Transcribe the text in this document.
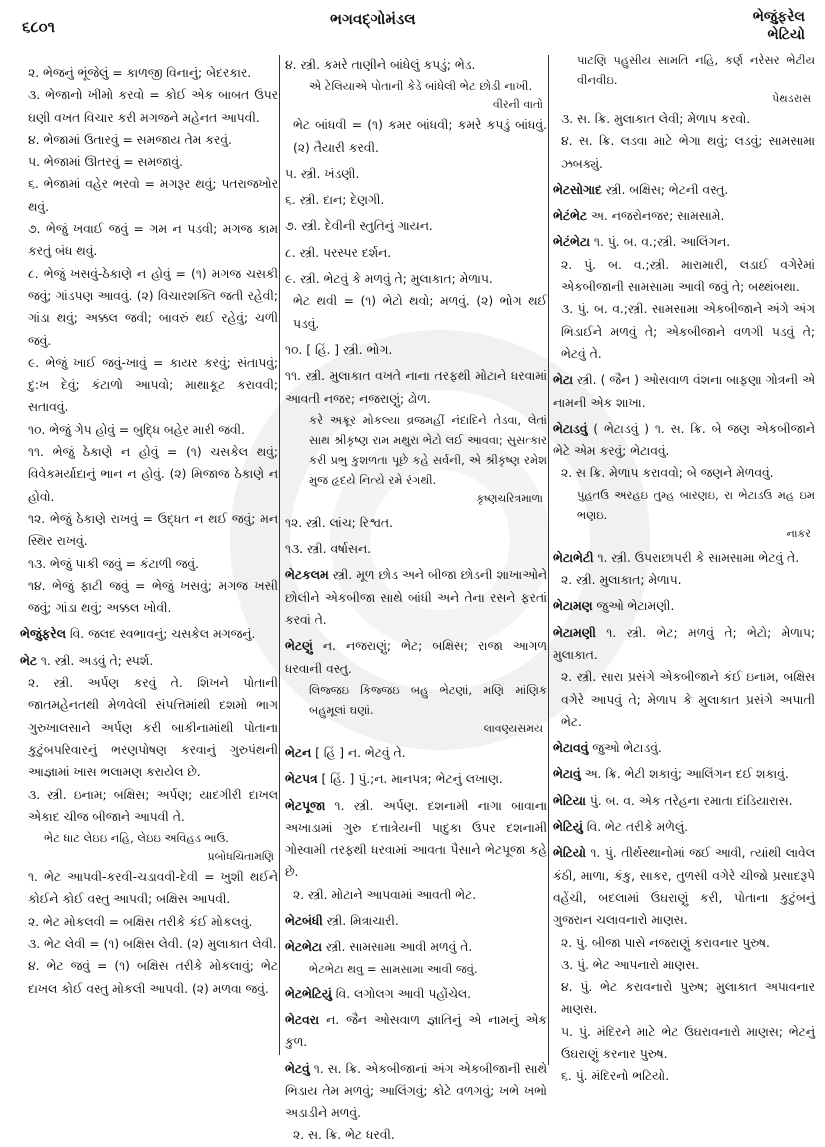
૬૮૦૧	ભગવદ્ગોમંડલ	ભેજુંફરેલ
ભેટિયો
૨. ભેજનું ભૂંજેલું = કાળજી વિનાનું; બેદરકાર.
૩. ભેજાનો ખીમો કરવો = કોઈ એક બાબત ઉપર ઘણી વખત વિચાર કરી મગજને મહેનત આપવી.
૪. ભેજામાં ઉતારવું = સમજાય તેમ કરવું.
૫. ભેજામાં ઊતરવું = સમજાવું.
૬. ભેજામાં વહેર ભરવો = મગરૂર થવું; પતરાજખોર થવું.
૭. ભેજું ખવાઈ જવું = ગમ ન પડવી; મગજ કામ કરતું બંધ થવું.
૮. ભેજું ખસવું-ઠેકાણે ન હોવું = (૧) મગજ ચસકી જવું; ગાંડપણ આવવું. (૨) વિચારશક્તિ જતી રહેવી; ગાંડા થવું; અક્કલ જવી; બાવરું થઈ રહેવું; ચળી જવું.
૯. ભેજું ખાઈ જવું-ખાવું = કાયર કરવું; સંતાપવું; દુ:ખ દેવું; કંટાળો આપવો; માથાકૂટ કરાવવી; સતાવવું.
૧૦. ભેજું ગેપ હોવું = બુદ્ધિ બહેર મારી જવી.
૧૧. ભેજું ઠેકાણે ન હોવું = (૧) ચસકેલ થવું; વિવેકમર્યાદાનું ભાન ન હોવું. (૨) મિજાજ ઠેકાણે ન હોવો.
૧૨. ભેજું ઠેકાણે રાખવું = ઉદ્ધત ન થઈ જવું; મન સ્થિર રાખવું.
૧૩. ભેજું પાકી જવું = કંટાળી જવું.
૧૪. ભેજું ફાટી જવું = ભેજું ખસવું; મગજ ખસી જવું; ગાંડા થવું; અક્કલ ખોવી.
ભેજુંફરેલ વિ. જલદ સ્વભાવનું; ચસકેલ મગજનું.
ભેટ ૧. સ્ત્રી. અડવું તે; સ્પર્શ.
૨. સ્ત્રી. અર્પણ કરવું તે. શિખને પોતાની જાતમહેનતથી મેળવેલી સંપત્તિમાંથી દશમો ભાગ ગુરુખાલસાને અર્પણ કરી બાકીનામાંથી પોતાના કુટુંબપરિવારનું ભરણપોષણ કરવાનું ગુરુપંથની આજ્ઞામાં ખાસ ભલામણ કરાયેલ છે.
૩. સ્ત્રી. ઇનામ; બક્ષિસ; અર્પણ; યાદગીરી દાખલ એકાદ ચીજ બીજાને આપવી તે.
ભેટ ધાટ લેઇઇ નહિ, લેઇઇ અવિહડ ભાઉ.
પ્રબોધચિંતામણિ
૧. ભેટ આપવી-કરવી-ચડાવવી-દેવી = ખુશી થઈને કોઈને કોઈ વસ્તુ આપવી; બક્ષિસ આપવી.
૨. ભેટ મોકલવી = બક્ષિસ તરીકે કંઈ મોકલવું.
૩. ભેટ લેવી = (૧) બક્ષિસ લેવી. (૨) મુલાકાત લેવી.
૪. ભેટ જવું = (૧) બક્ષિસ તરીકે મોકલાવું; ભેટ દાખલ કોઈ વસ્તુ મોકલી આપવી. (૨) મળવા જવું.
૪. સ્ત્રી. કમરે તાણીને બાંધેલું કપડું; ભેડ.
એ ટેલિયાએ પોતાની કેડે બાંધેલી ભેટ છોડી નાખી.
વીરની વાતો
ભેટ બાંધવી = (૧) કમર બાંધવી; કમરે કપડું બાંધવું. (૨) તૈયારી કરવી.
૫. સ્ત્રી. ખંડણી.
૬. સ્ત્રી. દાન; દેણગી.
૭. સ્ત્રી. દેવીની સ્તુતિનું ગાયન.
૮. સ્ત્રી. પરસ્પર દર્શન.
૯. સ્ત્રી. ભેટવું કે મળવું તે; મુલાકાત; મેળાપ.
ભેટ થવી = (૧) ભેટો થવો; મળવું. (૨) ભોગ થઈ પડવું.
૧૦. [ હિં. ] સ્ત્રી. ભોગ.
૧૧. સ્ત્રી. મુલાકાત વખતે નાના તરફથી મોટાને ધરવામાં આવતી નજર; નજરાણું; ઢોળ.
કરે અક્રૂર મોકલ્યા વ્રજમહીં નંદાદિને તેડવા, લેતાં સાથ શ્રીકૃષ્ણ રામ મથુરા ભેટો લઈ આવવા; સુસત્કાર કરી પ્રભુ કુશળતા પૂછે કહે સર્વની, એ શ્રીકૃષ્ણ રમેશ મુજ હૃદયે નિત્યે રમે રંગથી.
કૃષ્ણચરિત્રમાળા
૧૨. સ્ત્રી. લાંચ; રિશ્વત.
૧૩. સ્ત્રી. વર્ષાસન.
ભેટકલમ સ્ત્રી. મૂળ છોડ અને બીજા છોડની શાખાઓને છોલીને એકબીજા સાથે બાંધી અને તેના રસને ફરતાં કરવાં તે.
ભેટણું ન. નજરાણું; ભેટ; બક્ષિસ; રાજા આગળ ધરવાની વસ્તુ.
લિજ્જઇ કિજ્જઇ બહુ ભેટણાં, મણિ માંણિક બહુમૂલાં ઘણાં.
લાવણ્યસમય
ભેટન [ હિં ] ન. ભેટવું તે.
ભેટપત્ર [ હિં. ] પું.;ન. માનપત્ર; ભેટનું લખાણ.
ભેટપૂજા ૧. સ્ત્રી. અર્પણ. દશનામી નાગા બાવાના અખાડામાં ગુરુ દત્તાત્રેયની પાદુકા ઉપર દશનામી ગોસ્વામી તરફથી ધરવામાં આવતા પૈસાને ભેટપૂજા કહે છે.
૨. સ્ત્રી. મોટાને આપવામાં આવતી ભેટ.
ભેટબંધી સ્ત્રી. મિત્રાચારી.
ભેટભેટા સ્ત્રી. સામસામા આવી મળવું તે.
ભેટભેટા થવુ = સામસામા આવી જવું.
ભેટભેટિયું વિ. લગોલગ આવી પહોંચેલ.
ભેટવરા ન. જૈન ઓસવાળ જ્ઞાતિનું એ નામનું એક કુળ.
ભેટવું ૧. સ. ક્રિ. એકબીજાનાં અંગ એકબીજાની સાથે ભિડાય તેમ મળવું; આલિંગવું; કોટે વળગવું; ખભે ખભો અડાડીને મળવું.
૨. સ. ક્રિ. ભેટ ધરવી.
પાટણિ પહુસીય સામતિ નહિ, કર્ણ નરેસર ભેટીય વીનવીઇ.
પેથડરાસ
૩. સ. ક્રિ. મુલાકાત લેવી; મેળાપ કરવો.
૪. સ. ક્રિ. લડવા માટે ભેગા થવું; લડવું; સામસામા ઝબક્યું.
ભેટસોગાદ સ્ત્રી. બક્ષિસ; ભેટની વસ્તુ.
ભેટંભેટ અ. નજરોનજર; સામસામે.
ભેટંભેટા ૧. પું. બ. વ.;સ્ત્રી. આલિંગન.
૨. પું. બ. વ.;સ્ત્રી. મારામારી, લડાઈ વગેરેમાં એકબીજાની સામસામા આવી જવું તે; બથ્થંબથા.
૩. પું. બ. વ.;સ્ત્રી. સામસામા એકબીજાને અંગે અંગ ભિડાઈને મળવું તે; એકબીજાને વળગી પડવું તે; ભેટવું તે.
ભેટા સ્ત્રી. ( જૈન ) ઓસવાળ વંશના બાફણા ગોત્રની એ નામની એક શાખા.
ભેટાડવું ( ભેટાડવું ) ૧. સ. ક્રિ. બે જણ એકબીજાને ભેટે એમ કરવું; ભેટાવવું.
૨. સ ક્રિ. મેળાપ કરાવવો; બે જણને મેળવવું.
પુહતઉ અરહઇ તુમ્હ બારણઇ, રા ભેટાડઉ મહ ઇમ ભણઇ.
નાકર
ભેટાભેટી ૧. સ્ત્રી. ઉપરાછાપરી કે સામસામા ભેટવું તે.
૨. સ્ત્રી. મુલાકાત; મેળાપ.
ભેટામણ જુઓ ભેટામણી.
ભેટામણી ૧. સ્ત્રી. ભેટ; મળવું તે; ભેટો; મેળાપ; મુલાકાત.
૨. સ્ત્રી. સારા પ્રસંગે એકબીજાને કંઈ ઇનામ, બક્ષિસ વગેરે આપવું તે; મેળાપ કે મુલાકાત પ્રસંગે અપાતી ભેટ.
ભેટાવવું જુઓ ભેટાડવું.
ભેટાવું અ. ક્રિ. ભેટી શકાવું; આલિંગન દઈ શકાવું.
ભેટિયા પું. બ. વ. એક તરેહના રમાતા દાંડિયારાસ.
ભેટિયું વિ. ભેટ તરીકે મળેલું.
ભેટિયો ૧. પું. તીર્થસ્થાનોમાં જઈ આવી, ત્યાંથી લાવેલ કંઠી, માળા, કંકુ, સાકર, તુળસી વગેરે ચીજો પ્રસાદરૂપે વહેંચી, બદલામાં ઉઘરાણું કરી, પોતાના કુટુંબનું ગુજરાન ચલાવનારો માણસ.
૨. પું. બીજા પાસે નજરાણું કરાવનાર પુરુષ.
૩. પું. ભેટ આપનારો માણસ.
૪. પું. ભેટ કરાવનારો પુરુષ; મુલાકાત અપાવનાર માણસ.
૫. પું. મંદિરને માટે ભેટ ઉઘરાવનારો માણસ; ભેટનું ઉઘરાણું કરનાર પુરુષ.
૬. પું. મંદિરનો ભટિયો.
